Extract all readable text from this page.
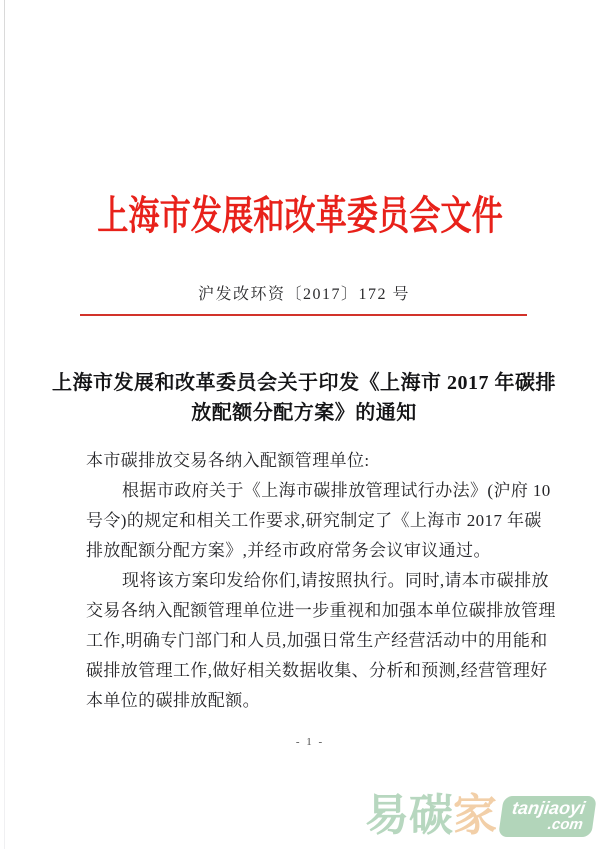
上海市发展和改革委员会文件
沪发改环资〔2017〕172 号
上海市发展和改革委员会关于印发《上海市 2017 年碳排
放配额分配方案》的通知
本市碳排放交易各纳入配额管理单位:
根据市政府关于《上海市碳排放管理试行办法》(沪府 10
号令)的规定和相关工作要求,研究制定了《上海市 2017 年碳
排放配额分配方案》,并经市政府常务会议审议通过。
现将该方案印发给你们,请按照执行。同时,请本市碳排放
交易各纳入配额管理单位进一步重视和加强本单位碳排放管理
工作,明确专门部门和人员,加强日常生产经营活动中的用能和
碳排放管理工作,做好相关数据收集、分析和预测,经营管理好
本单位的碳排放配额。
- 1 -
易 碳 家 tanjiaoyi
.com
